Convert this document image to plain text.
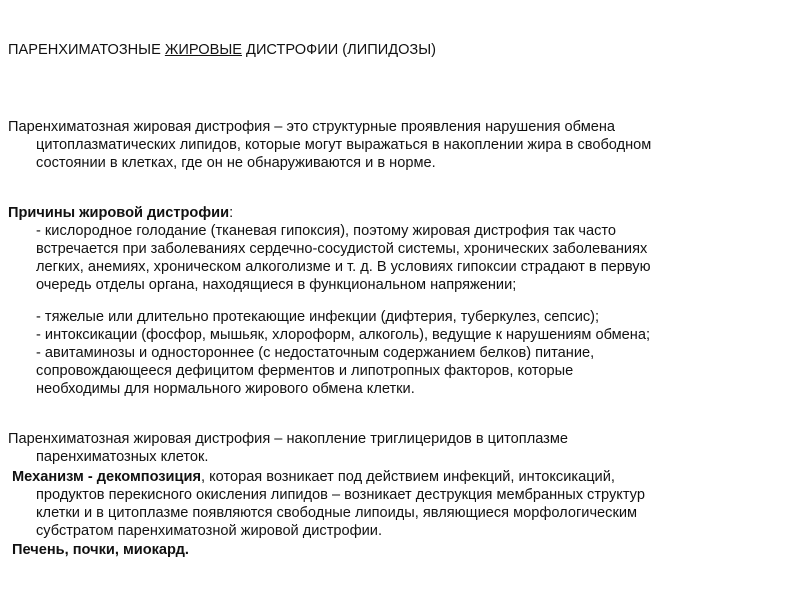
ПАРЕНХИМАТОЗНЫЕ ЖИРОВЫЕ ДИСТРОФИИ (ЛИПИДОЗЫ)
Паренхиматозная жировая дистрофия – это структурные проявления нарушения обмена
цитоплазматических липидов, которые могут выражаться в накоплении жира в свободном
состоянии в клетках, где он не обнаруживаются и в норме.
Причины жировой дистрофии:
- кислородное голодание (тканевая гипоксия), поэтому жировая дистрофия так часто
встречается при заболеваниях сердечно-сосудистой системы, хронических заболеваниях
легких, анемиях, хроническом алкоголизме и т. д. В условиях гипоксии страдают в первую
очередь отделы органа, находящиеся в функциональном напряжении;
- тяжелые или длительно протекающие инфекции (дифтерия, туберкулез, сепсис);
- интоксикации (фосфор, мышьяк, хлороформ, алкоголь), ведущие к нарушениям обмена;
- авитаминозы и одностороннее (с недостаточным содержанием белков) питание,
сопровождающееся дефицитом ферментов и липотропных факторов, которые
необходимы для нормального жирового обмена клетки.
Паренхиматозная жировая дистрофия – накопление триглицеридов в цитоплазме
паренхиматозных клеток.
Механизм - декомпозиция, которая возникает под действием инфекций, интоксикаций,
продуктов перекисного окисления липидов – возникает деструкция мембранных структур
клетки и в цитоплазме появляются свободные липоиды, являющиеся морфологическим
субстратом паренхиматозной жировой дистрофии.
Печень, почки, миокард.
